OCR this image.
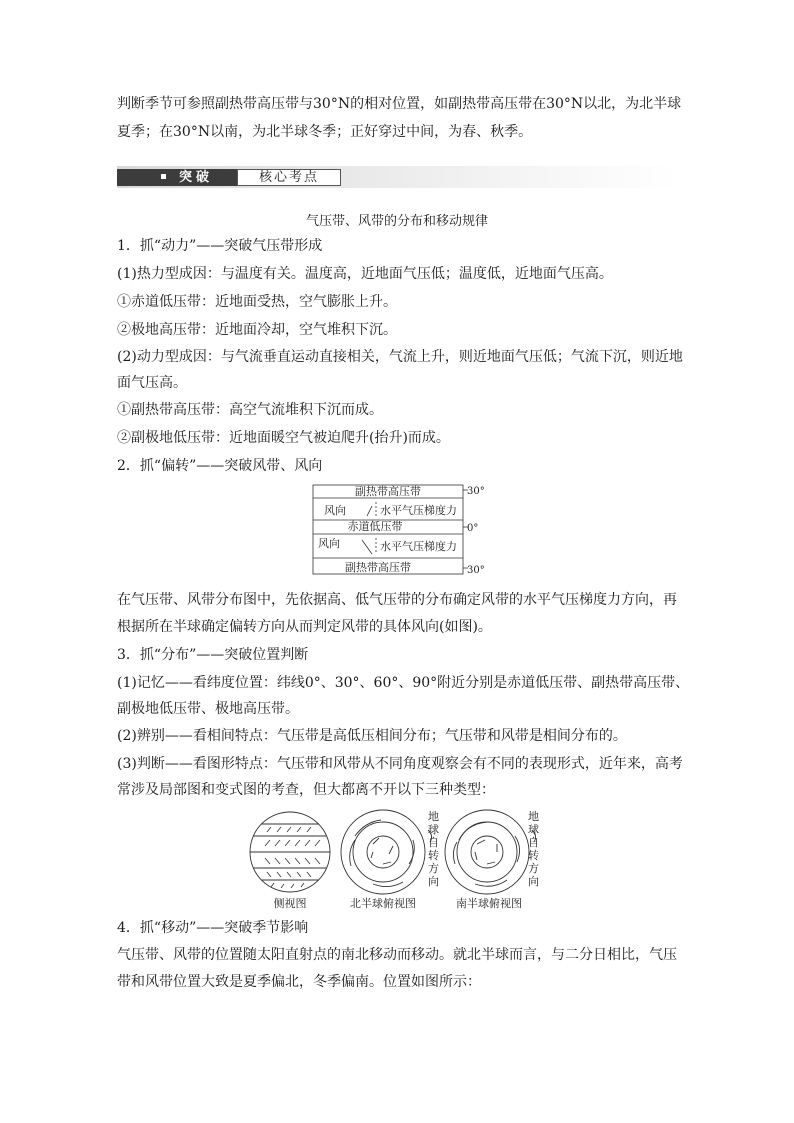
判断季节可参照副热带高压带与30°N的相对位置，如副热带高压带在30°N以北，为北半球
夏季；在30°N以南，为北半球冬季；正好穿过中间，为春、秋季。
突破	核心考点
气压带、风带的分布和移动规律
1．抓“动力”——突破气压带形成
(1)热力型成因：与温度有关。温度高，近地面气压低；温度低，近地面气压高。
①赤道低压带：近地面受热，空气膨胀上升。
②极地高压带：近地面冷却，空气堆积下沉。
(2)动力型成因：与气流垂直运动直接相关，气流上升，则近地面气压低；气流下沉，则近地
面气压高。
①副热带高压带：高空气流堆积下沉而成。
②副极地低压带：近地面暖空气被迫爬升(抬升)而成。
2．抓“偏转”——突破风带、风向
副热带高压带
风向	水平气压梯度力
赤道低压带
风向	水平气压梯度力
副热带高压带
30°
0°
30°
在气压带、风带分布图中，先依据高、低气压带的分布确定风带的水平气压梯度力方向，再
根据所在半球确定偏转方向从而判定风带的具体风向(如图)。
3．抓“分布”——突破位置判断
(1)记忆——看纬度位置：纬线0°、30°、60°、90°附近分别是赤道低压带、副热带高压带、
副极地低压带、极地高压带。
(2)辨别——看相间特点：气压带是高低压相间分布；气压带和风带是相间分布的。
(3)判断——看图形特点：气压带和风带从不同角度观察会有不同的表现形式，近年来，高考
常涉及局部图和变式图的考查，但大都离不开以下三种类型：
地球自转方向
地球自转方向
侧视图	北半球俯视图	南半球俯视图
4．抓“移动”——突破季节影响
气压带、风带的位置随太阳直射点的南北移动而移动。就北半球而言，与二分日相比，气压
带和风带位置大致是夏季偏北，冬季偏南。位置如图所示：
